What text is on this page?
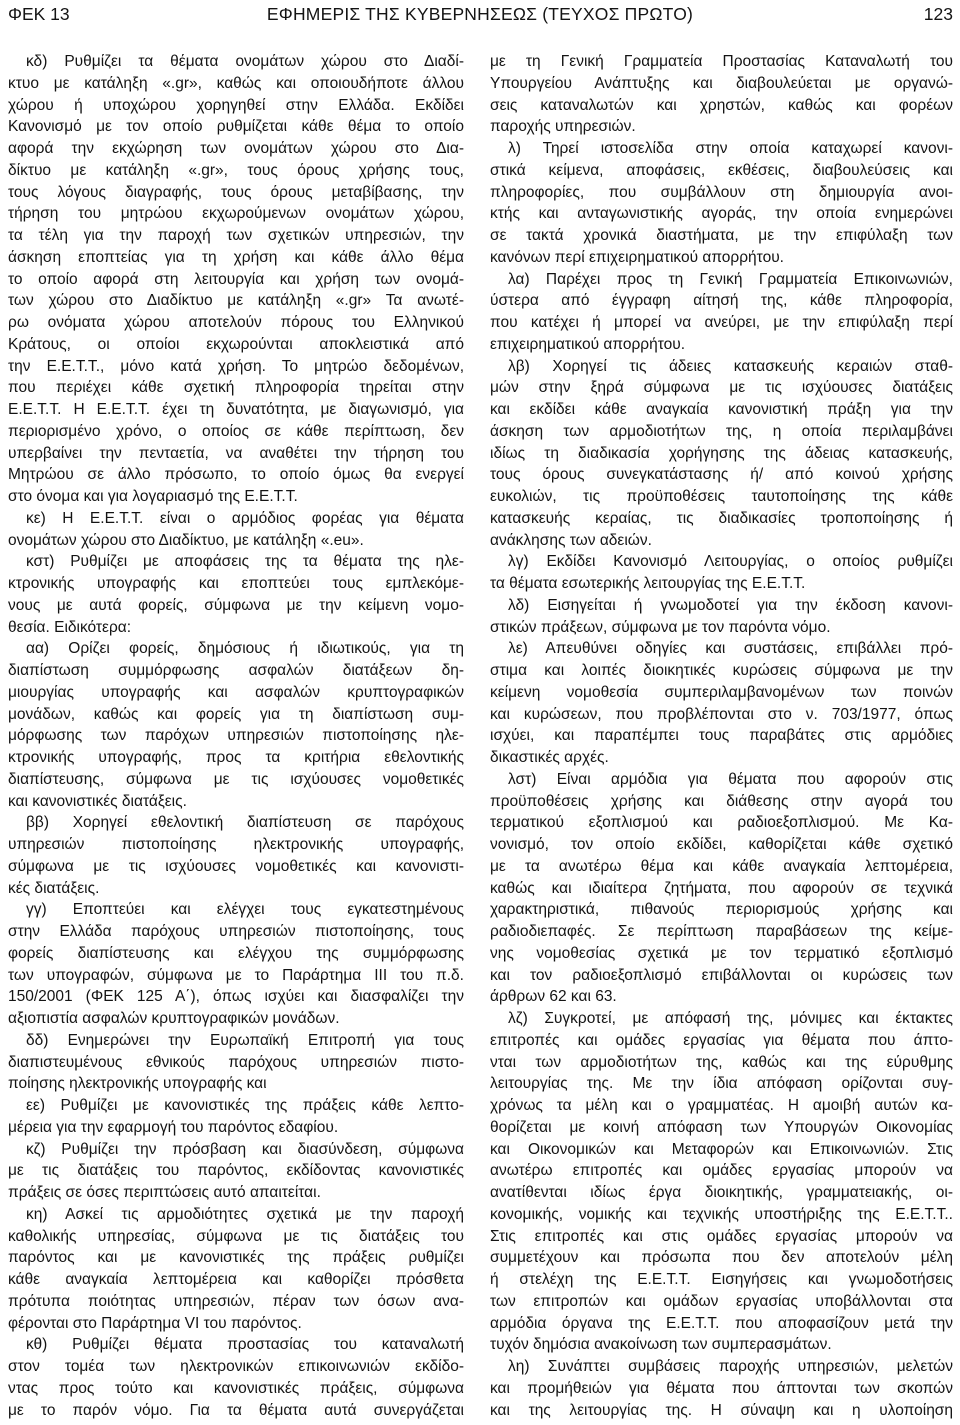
ΦΕΚ 13	ΕΦΗΜΕΡΙΣ ΤΗΣ ΚΥΒΕΡΝΗΣΕΩΣ (ΤΕΥΧΟΣ ΠΡΩΤΟ)	123
κδ) Ρυθμίζει τα θέματα ονομάτων χώρου στο Διαδί-
κτυο με κατάληξη «.gr», καθώς και οποιουδήποτε άλλου
χώρου ή υποχώρου χορηγηθεί στην Ελλάδα. Εκδίδει
Κανονισμό με τον οποίο ρυθμίζεται κάθε θέμα το οποίο
αφορά την εκχώρηση των ονομάτων χώρου στο Δια-
δίκτυο με κατάληξη «.gr», τους όρους χρήσης τους,
τους λόγους διαγραφής, τους όρους μεταβίβασης, την
τήρηση του μητρώου εκχωρούμενων ονομάτων χώρου,
τα τέλη για την παροχή των σχετικών υπηρεσιών, την
άσκηση εποπτείας για τη χρήση και κάθε άλλο θέμα
το οποίο αφορά στη λειτουργία και χρήση των ονομά-
των χώρου στο Διαδίκτυο με κατάληξη «.gr» Τα ανωτέ-
ρω ονόματα χώρου αποτελούν πόρους του Ελληνικού
Κράτους, οι οποίοι εκχωρούνται αποκλειστικά από
την Ε.Ε.Τ.Τ., μόνο κατά χρήση. Το μητρώο δεδομένων,
που περιέχει κάθε σχετική πληροφορία τηρείται στην
Ε.Ε.Τ.Τ. Η Ε.Ε.Τ.Τ. έχει τη δυνατότητα, με διαγωνισμό, για
περιορισμένο χρόνο, ο οποίος σε κάθε περίπτωση, δεν
υπερβαίνει την πενταετία, να αναθέτει την τήρηση του
Μητρώου σε άλλο πρόσωπο, το οποίο όμως θα ενεργεί
στο όνομα και για λογαριασμό της Ε.Ε.Τ.Τ.
κε) Η Ε.Ε.Τ.Τ. είναι ο αρμόδιος φορέας για θέματα
ονομάτων χώρου στο Διαδίκτυο, με κατάληξη «.eu».
κστ) Ρυθμίζει με αποφάσεις της τα θέματα της ηλε-
κτρονικής υπογραφής και εποπτεύει τους εμπλεκόμε-
νους με αυτά φορείς, σύμφωνα με την κείμενη νομο-
θεσία. Ειδικότερα:
αα) Ορίζει φορείς, δημόσιους ή ιδιωτικούς, για τη
διαπίστωση συμμόρφωσης ασφαλών διατάξεων δη-
μιουργίας υπογραφής και ασφαλών κρυπτογραφικών
μονάδων, καθώς και φορείς για τη διαπίστωση συμ-
μόρφωσης των παρόχων υπηρεσιών πιστοποίησης ηλε-
κτρονικής υπογραφής, προς τα κριτήρια εθελοντικής
διαπίστευσης, σύμφωνα με τις ισχύουσες νομοθετικές
και κανονιστικές διατάξεις.
ββ) Χορηγεί εθελοντική διαπίστευση σε παρόχους
υπηρεσιών πιστοποίησης ηλεκτρονικής υπογραφής,
σύμφωνα με τις ισχύουσες νομοθετικές και κανονιστι-
κές διατάξεις.
γγ) Εποπτεύει και ελέγχει τους εγκατεστημένους
στην Ελλάδα παρόχους υπηρεσιών πιστοποίησης, τους
φορείς διαπίστευσης και ελέγχου της συμμόρφωσης
των υπογραφών, σύμφωνα με το Παράρτημα III του π.δ.
150/2001 (ΦΕΚ 125 Α΄), όπως ισχύει και διασφαλίζει την
αξιοπιστία ασφαλών κρυπτογραφικών μονάδων.
δδ) Ενημερώνει την Ευρωπαϊκή Επιτροπή για τους
διαπιστευμένους εθνικούς παρόχους υπηρεσιών πιστο-
ποίησης ηλεκτρονικής υπογραφής και
εε) Ρυθμίζει με κανονιστικές της πράξεις κάθε λεπτο-
μέρεια για την εφαρμογή του παρόντος εδαφίου.
κζ) Ρυθμίζει την πρόσβαση και διασύνδεση, σύμφωνα
με τις διατάξεις του παρόντος, εκδίδοντας κανονιστικές
πράξεις σε όσες περιπτώσεις αυτό απαιτείται.
κη) Ασκεί τις αρμοδιότητες σχετικά με την παροχή
καθολικής υπηρεσίας, σύμφωνα με τις διατάξεις του
παρόντος και με κανονιστικές της πράξεις ρυθμίζει
κάθε αναγκαία λεπτομέρεια και καθορίζει πρόσθετα
πρότυπα ποιότητας υπηρεσιών, πέραν των όσων ανα-
φέρονται στο Παράρτημα VI του παρόντος.
κθ) Ρυθμίζει θέματα προστασίας του καταναλωτή
στον τομέα των ηλεκτρονικών επικοινωνιών εκδίδο-
ντας προς τούτο και κανονιστικές πράξεις, σύμφωνα
με το παρόν νόμο. Για τα θέματα αυτά συνεργάζεται
με τη Γενική Γραμματεία Προστασίας Καταναλωτή του
Υπουργείου Ανάπτυξης και διαβουλεύεται με οργανώ-
σεις καταναλωτών και χρηστών, καθώς και φορέων
παροχής υπηρεσιών.
λ) Τηρεί ιστοσελίδα στην οποία καταχωρεί κανονι-
στικά κείμενα, αποφάσεις, εκθέσεις, διαβουλεύσεις και
πληροφορίες, που συμβάλλουν στη δημιουργία ανοι-
κτής και ανταγωνιστικής αγοράς, την οποία ενημερώνει
σε τακτά χρονικά διαστήματα, με την επιφύλαξη των
κανόνων περί επιχειρηματικού απορρήτου.
λα) Παρέχει προς τη Γενική Γραμματεία Επικοινωνιών,
ύστερα από έγγραφη αίτησή της, κάθε πληροφορία,
που κατέχει ή μπορεί να ανεύρει, με την επιφύλαξη περί
επιχειρηματικού απορρήτου.
λβ) Χορηγεί τις άδειες κατασκευής κεραιών σταθ-
μών στην ξηρά σύμφωνα με τις ισχύουσες διατάξεις
και εκδίδει κάθε αναγκαία κανονιστική πράξη για την
άσκηση των αρμοδιοτήτων της, η οποία περιλαμβάνει
ιδίως τη διαδικασία χορήγησης της άδειας κατασκευής,
τους όρους συνεγκατάστασης ή/ από κοινού χρήσης
ευκολιών, τις προϋποθέσεις ταυτοποίησης της κάθε
κατασκευής κεραίας, τις διαδικασίες τροποποίησης ή
ανάκλησης των αδειών.
λγ) Εκδίδει Κανονισμό Λειτουργίας, ο οποίος ρυθμίζει
τα θέματα εσωτερικής λειτουργίας της Ε.Ε.Τ.Τ.
λδ) Εισηγείται ή γνωμοδοτεί για την έκδοση κανονι-
στικών πράξεων, σύμφωνα με τον παρόντα νόμο.
λε) Απευθύνει οδηγίες και συστάσεις, επιβάλλει πρό-
στιμα και λοιπές διοικητικές κυρώσεις σύμφωνα με την
κείμενη νομοθεσία συμπεριλαμβανομένων των ποινών
και κυρώσεων, που προβλέπονται στο ν. 703/1977, όπως
ισχύει, και παραπέμπει τους παραβάτες στις αρμόδιες
δικαστικές αρχές.
λστ) Είναι αρμόδια για θέματα που αφορούν στις
προϋποθέσεις χρήσης και διάθεσης στην αγορά του
τερματικού εξοπλισμού και ραδιοεξοπλισμού. Με Κα-
νονισμό, τον οποίο εκδίδει, καθορίζεται κάθε σχετικό
με τα ανωτέρω θέμα και κάθε αναγκαία λεπτομέρεια,
καθώς και ιδιαίτερα ζητήματα, που αφορούν σε τεχνικά
χαρακτηριστικά, πιθανούς περιορισμούς χρήσης και
ραδιοδιεπαφές. Σε περίπτωση παραβάσεων της κείμε-
νης νομοθεσίας σχετικά με τον τερματικό εξοπλισμό
και τον ραδιοεξοπλισμό επιβάλλονται οι κυρώσεις των
άρθρων 62 και 63.
λζ) Συγκροτεί, με απόφασή της, μόνιμες και έκτακτες
επιτροπές και ομάδες εργασίας για θέματα που άπτο-
νται των αρμοδιοτήτων της, καθώς και της εύρυθμης
λειτουργίας της. Με την ίδια απόφαση ορίζονται συγ-
χρόνως τα μέλη και ο γραμματέας. Η αμοιβή αυτών κα-
θορίζεται με κοινή απόφαση των Υπουργών Οικονομίας
και Οικονομικών και Μεταφορών και Επικοινωνιών. Στις
ανωτέρω επιτροπές και ομάδες εργασίας μπορούν να
ανατίθενται ιδίως έργα διοικητικής, γραμματειακής, οι-
κονομικής, νομικής και τεχνικής υποστήριξης της Ε.Ε.Τ.Τ..
Στις επιτροπές και στις ομάδες εργασίας μπορούν να
συμμετέχουν και πρόσωπα που δεν αποτελούν μέλη
ή στελέχη της Ε.Ε.Τ.Τ. Εισηγήσεις και γνωμοδοτήσεις
των επιτροπών και ομάδων εργασίας υποβάλλονται στα
αρμόδια όργανα της Ε.Ε.Τ.Τ. που αποφασίζουν μετά την
τυχόν δημόσια ανακοίνωση των συμπερασμάτων.
λη) Συνάπτει συμβάσεις παροχής υπηρεσιών, μελετών
και προμήθειών για θέματα που άπτονται των σκοπών
και της λειτουργίας της. Η σύναψη και η υλοποίηση
